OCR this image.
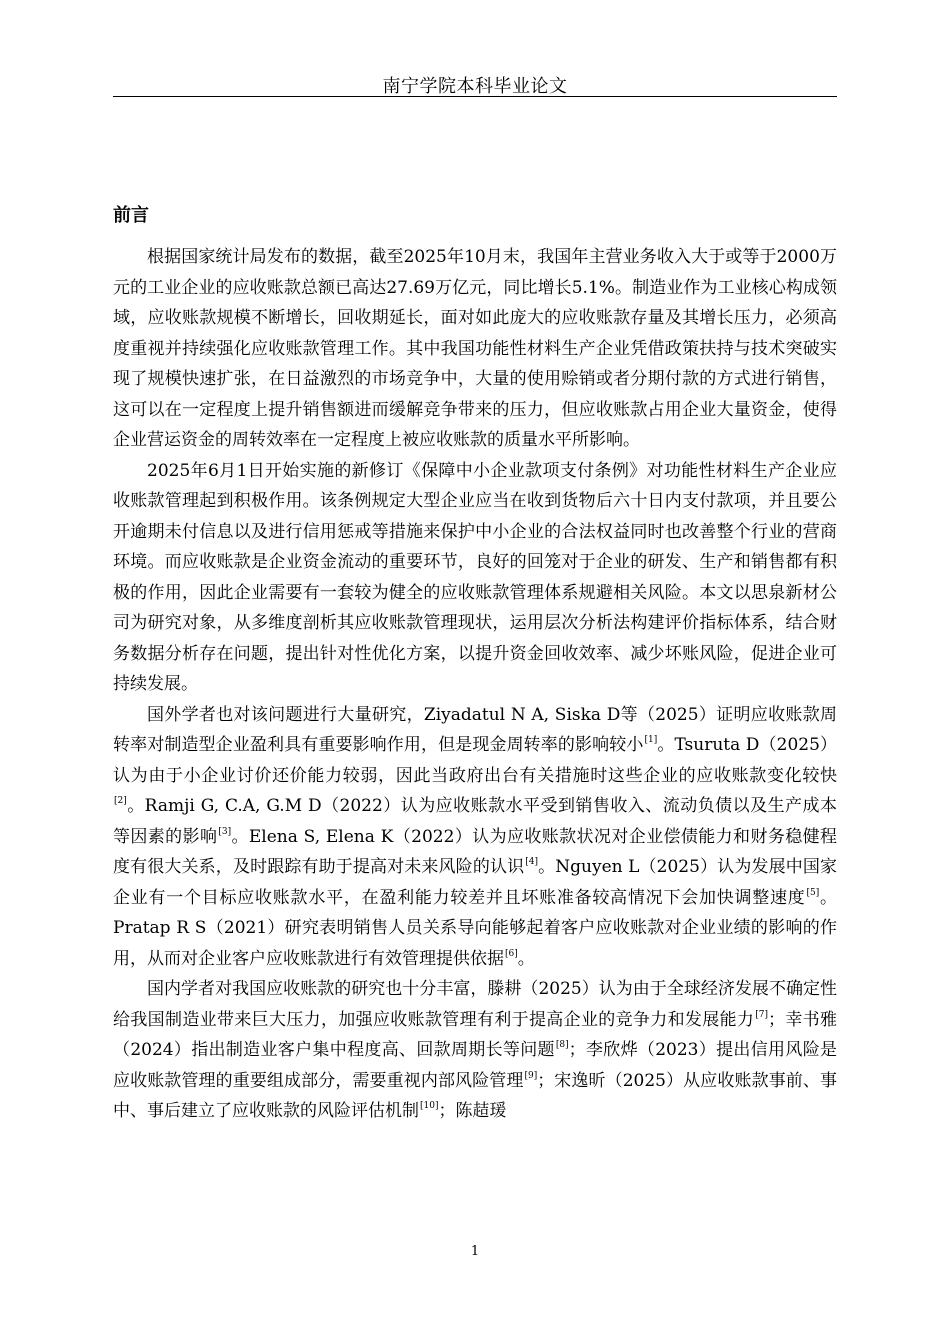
南宁学院本科毕业论文
前言

根据国家统计局发布的数据，截至2025年10月末，我国年主营业务收入大于或等于2000万元的工业企业的应收账款总额已高达27.69万亿元，同比增长5.1%。制造业作为工业核心构成领域，应收账款规模不断增长，回收期延长，面对如此庞大的应收账款存量及其增长压力，必须高度重视并持续强化应收账款管理工作。其中我国功能性材料生产企业凭借政策扶持与技术突破实现了规模快速扩张，在日益激烈的市场竞争中，大量的使用赊销或者分期付款的方式进行销售，这可以在一定程度上提升销售额进而缓解竞争带来的压力，但应收账款占用企业大量资金，使得企业营运资金的周转效率在一定程度上被应收账款的质量水平所影响。

2025年6月1日开始实施的新修订《保障中小企业款项支付条例》对功能性材料生产企业应收账款管理起到积极作用。该条例规定大型企业应当在收到货物后六十日内支付款项，并且要公开逾期未付信息以及进行信用惩戒等措施来保护中小企业的合法权益同时也改善整个行业的营商环境。而应收账款是企业资金流动的重要环节，良好的回笼对于企业的研发、生产和销售都有积极的作用，因此企业需要有一套较为健全的应收账款管理体系规避相关风险。本文以思泉新材公司为研究对象，从多维度剖析其应收账款管理现状，运用层次分析法构建评价指标体系，结合财务数据分析存在问题，提出针对性优化方案，以提升资金回收效率、减少坏账风险，促进企业可持续发展。

国外学者也对该问题进行大量研究，Ziyadatul N A, Siska D等（2025）证明应收账款周转率对制造型企业盈利具有重要影响作用，但是现金周转率的影响较小[1]。Tsuruta D（2025）认为由于小企业讨价还价能力较弱，因此当政府出台有关措施时这些企业的应收账款变化较快[2]。Ramji G, C.A, G.M D（2022）认为应收账款水平受到销售收入、流动负债以及生产成本等因素的影响[3]。Elena S, Elena K（2022）认为应收账款状况对企业偿债能力和财务稳健程度有很大关系，及时跟踪有助于提高对未来风险的认识[4]。Nguyen L（2025）认为发展中国家企业有一个目标应收账款水平，在盈利能力较差并且坏账准备较高情况下会加快调整速度[5]。Pratap R S（2021）研究表明销售人员关系导向能够起着客户应收账款对企业业绩的影响的作用，从而对企业客户应收账款进行有效管理提供依据[6]。

国内学者对我国应收账款的研究也十分丰富，滕耕（2025）认为由于全球经济发展不确定性给我国制造业带来巨大压力，加强应收账款管理有利于提高企业的竞争力和发展能力[7]；幸书雅（2024）指出制造业客户集中程度高、回款周期长等问题[8]；李欣烨（2023）提出信用风险是应收账款管理的重要组成部分，需要重视内部风险管理[9]；宋逸昕（2025）从应收账款事前、事中、事后建立了应收账款的风险评估机制[10]；陈趌瑗

1
